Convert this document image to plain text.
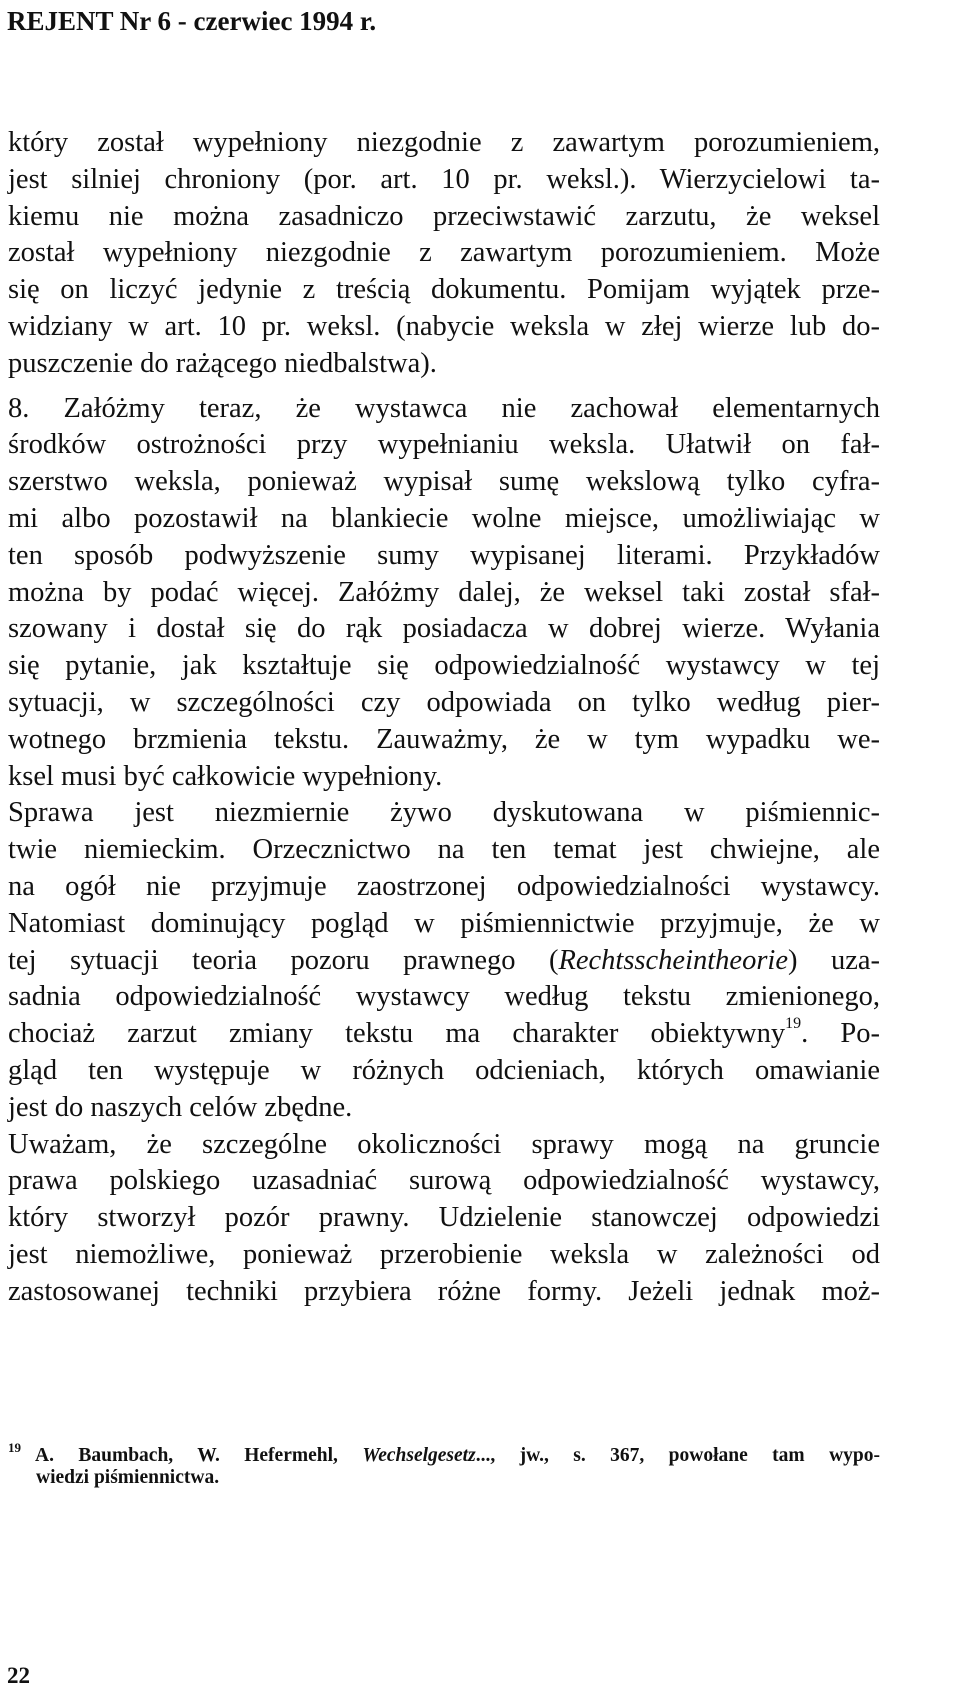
REJENT Nr 6 - czerwiec 1994 r.
który został wypełniony niezgodnie z zawartym porozumieniem,
jest silniej chroniony (por. art. 10 pr. weksl.). Wierzycielowi ta-
kiemu nie można zasadniczo przeciwstawić zarzutu, że weksel
został wypełniony niezgodnie z zawartym porozumieniem. Może
się on liczyć jedynie z treścią dokumentu. Pomijam wyjątek prze-
widziany w art. 10 pr. weksl. (nabycie weksla w złej wierze lub do-
puszczenie do rażącego niedbalstwa).
8. Załóżmy teraz, że wystawca nie zachował elementarnych
środków ostrożności przy wypełnianiu weksla. Ułatwił on fał-
szerstwo weksla, ponieważ wypisał sumę wekslową tylko cyfra-
mi albo pozostawił na blankiecie wolne miejsce, umożliwiając w
ten sposób podwyższenie sumy wypisanej literami. Przykładów
można by podać więcej. Załóżmy dalej, że weksel taki został sfał-
szowany i dostał się do rąk posiadacza w dobrej wierze. Wyłania
się pytanie, jak kształtuje się odpowiedzialność wystawcy w tej
sytuacji, w szczególności czy odpowiada on tylko według pier-
wotnego brzmienia tekstu. Zauważmy, że w tym wypadku we-
ksel musi być całkowicie wypełniony.
Sprawa jest niezmiernie żywo dyskutowana w piśmiennic-
twie niemieckim. Orzecznictwo na ten temat jest chwiejne, ale
na ogół nie przyjmuje zaostrzonej odpowiedzialności wystawcy.
Natomiast dominujący pogląd w piśmiennictwie przyjmuje, że w
tej sytuacji teoria pozoru prawnego (Rechtsscheintheorie) uza-
sadnia odpowiedzialność wystawcy według tekstu zmienionego,
chociaż zarzut zmiany tekstu ma charakter obiektywny$^{19}$. Po-
gląd ten występuje w różnych odcieniach, których omawianie
jest do naszych celów zbędne.
Uważam, że szczególne okoliczności sprawy mogą na gruncie
prawa polskiego uzasadniać surową odpowiedzialność wystawcy,
który stworzył pozór prawny. Udzielenie stanowczej odpowiedzi
jest niemożliwe, ponieważ przerobienie weksla w zależności od
zastosowanej techniki przybiera różne formy. Jeżeli jednak moż-
$^{19}$ A. Baumbach, W. Hefermehl, Wechselgesetz..., jw., s. 367, powołane tam wypo-
wiedzi piśmiennictwa.
22
